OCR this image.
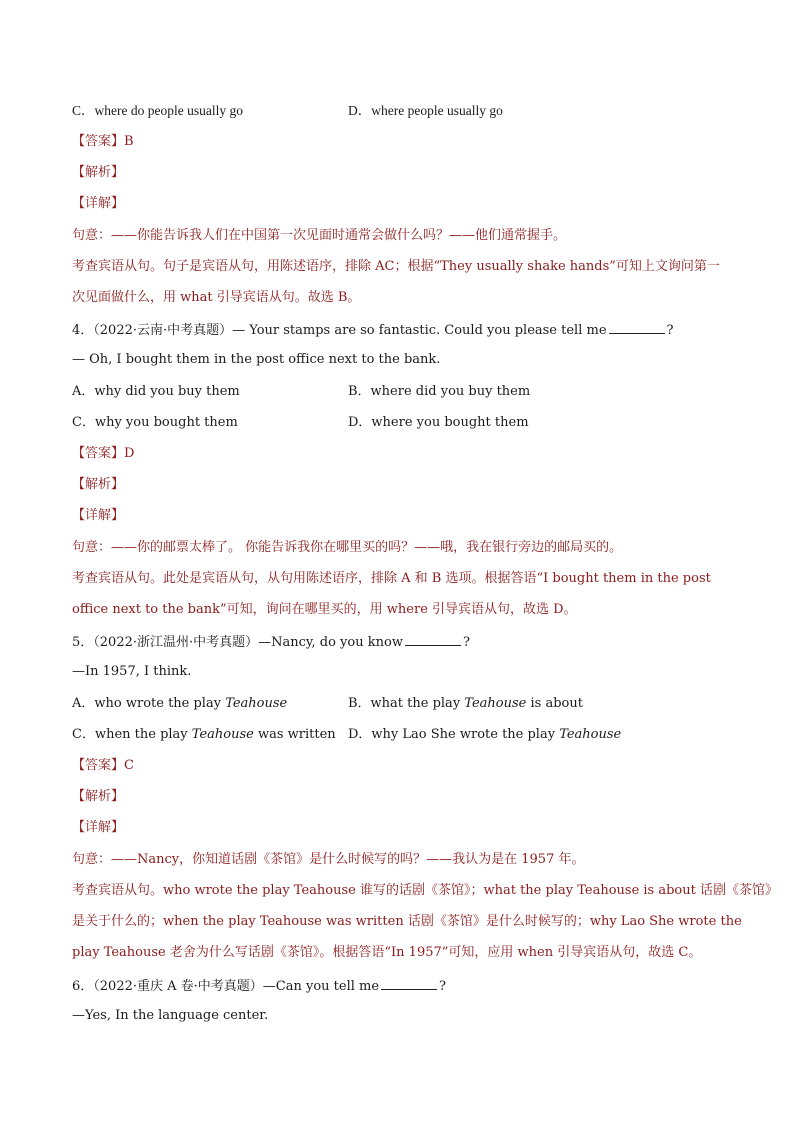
C．where do people usually go	D．where people usually go
【答案】B
【解析】
【详解】
句意：——你能告诉我人们在中国第一次见面时通常会做什么吗？——他们通常握手。
考查宾语从句。句子是宾语从句，用陈述语序，排除 AC；根据“They usually shake hands”可知上文询问第一
次见面做什么，用 what 引导宾语从句。故选 B。
4．（2022·云南·中考真题）— Your stamps are so fantastic. Could you please tell me	?
— Oh, I bought them in the post office next to the bank.
A．why did you buy them	B．where did you buy them
C．why you bought them	D．where you bought them
【答案】D
【解析】
【详解】
句意：——你的邮票太棒了。 你能告诉我你在哪里买的吗？——哦，我在银行旁边的邮局买的。
考查宾语从句。此处是宾语从句，从句用陈述语序，排除 A 和 B 选项。根据答语“I bought them in the post
office next to the bank”可知，询问在哪里买的，用 where 引导宾语从句，故选 D。
5．（2022·浙江温州·中考真题）—Nancy, do you know	?
—In 1957, I think.
A．who wrote the play Teahouse	B．what the play Teahouse is about
C．when the play Teahouse was written D．why Lao She wrote the play Teahouse
【答案】C
【解析】
【详解】
句意：——Nancy，你知道话剧《茶馆》是什么时候写的吗？——我认为是在 1957 年。
考查宾语从句。who wrote the play Teahouse 谁写的话剧《茶馆》；what the play Teahouse is about 话剧《茶馆》
是关于什么的；when the play Teahouse was written 话剧《茶馆》是什么时候写的；why Lao She wrote the
play Teahouse 老舍为什么写话剧《茶馆》。根据答语“In 1957”可知，应用 when 引导宾语从句，故选 C。
6．（2022·重庆 A 卷·中考真题）—Can you tell me	?
—Yes, In the language center.
